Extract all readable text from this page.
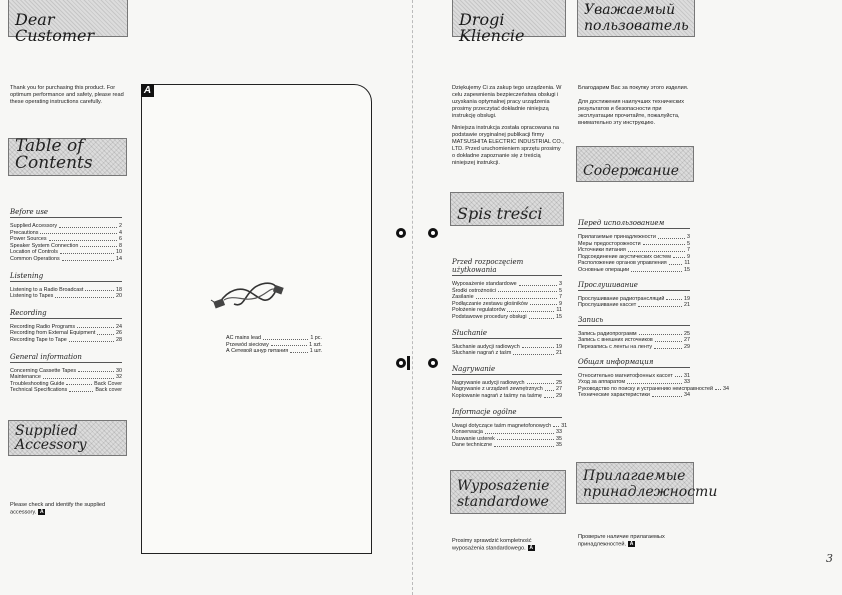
Dear Customer
Thank you for purchasing this product. For optimum performance and safety, please read these operating instructions carefully.
Table of Contents
Before use
Supplied Accessory	2
Precautions	4
Power Sources	6
Speaker System Connection	8
Location of Controls	10
Common Operations	14
Listening
Listening to a Radio Broadcast	18
Listening to Tapes	20
Recording
Recording Radio Programs	24
Recording from External Equipment	26
Recording Tape to Tape	28
General information
Concerning Cassette Tapes	30
Maintenance	32
Troubleshooting Guide	Back Cover
Technical Specifications	Back cover
Supplied Accessory
Please check and identify the supplied accessory. A
A
AC mains lead	1 pc.
Przewód sieciowy	1 szt.
А Сетевой шнур питания	1 шт.
Drogi Kliencie
Dziękujemy Ci za zakup tego urządzenia. W celu zapewnienia bezpieczeństwa obsługi i uzyskania optymalnej pracy urządzenia prosimy przeczytać dokładnie niniejszą instrukcję obsługi.
Niniejsza instrukcja została opracowana na podstawie oryginalnej publikacji firmy MATSUSHITA ELECTRIC INDUSTRIAL CO., LTD. Przed uruchomieniem sprzętu prosimy o dokładne zapoznanie się z treścią niniejszej instrukcji.
Spis treści
Przed rozpoczęciem użytkowania
Wyposażenie standardowe	3
Środki ostrożności	5
Zasilanie	7
Podłączanie zestawu głośników	9
Położenie regulatorów	11
Podstawowe procedury obsługi	15
Słuchanie
Słuchanie audycji radiowych	19
Słuchanie nagrań z taśm	21
Nagrywanie
Nagrywanie audycji radiowych	25
Nagrywanie z urządzeń zewnętrznych 27
Kopiowanie nagrań z taśmy na taśmę	29
Informacje ogólne
Uwagi dotyczące taśm magnetofonowych 31
Konserwacja	33
Usuwanie usterek	35
Dane techniczne	35
Wyposażenie standardowe
Prosimy sprawdzić kompletność wyposażenia standardowego. A
Уважаемый пользователь
Благодарим Вас за покупку этого изделия.
Для достижения наилучших технических результатов и безопасности при эксплуатации прочитайте, пожалуйста, внимательно эту инструкцию.
Содержание
Перед использованием
Прилагаемые принадлежности	3
Меры предосторожности	5
Источники питания	7
Подсоединение акустических систем	9
Расположение органов управления	11
Основные операции	15
Прослушивание
Прослушивание радиотрансляций	19
Прослушивание кассет	21
Запись
Запись радиопрограмм	25
Запись с внешних источников	27
Перезапись с ленты на ленту	29
Общая информация
Относительно магнитофонных кассет 31
Уход за аппаратом	33
Руководство по поиску и устранению неисправностей 34
Технические характеристики	34
Прилагаемые принадлежности
Проверьте наличие прилагаемых принадлежностей. A
3
